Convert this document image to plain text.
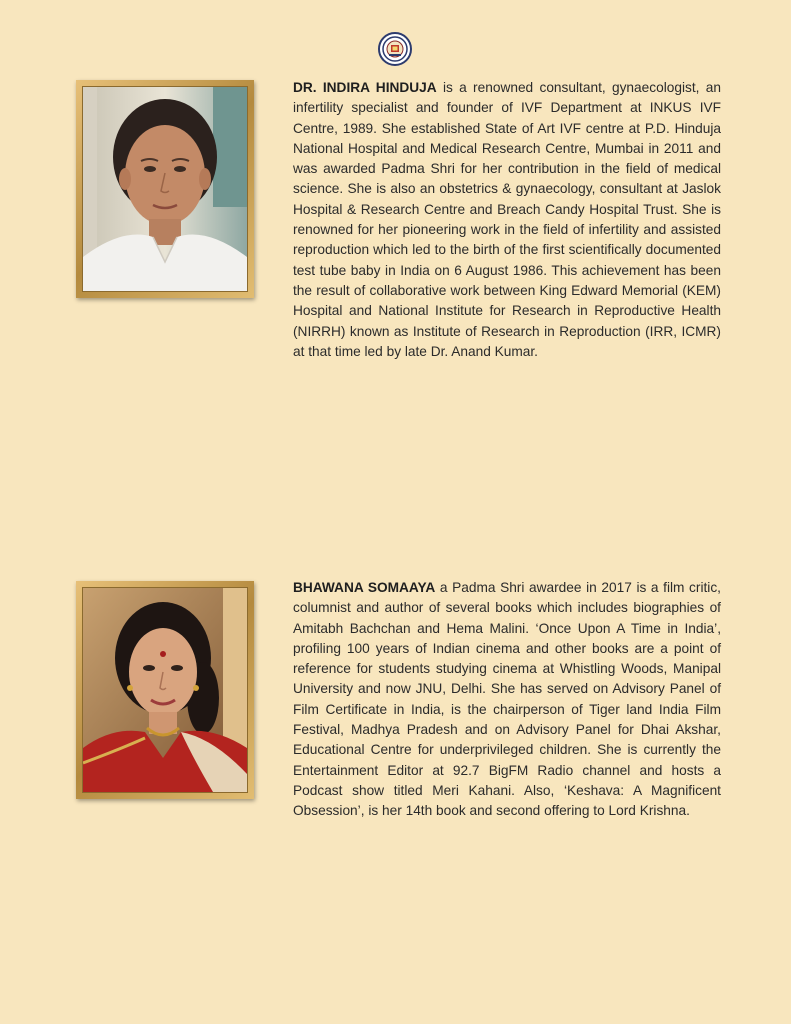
DR. INDIRA HINDUJA is a renowned consultant, gynaecologist, an infertility specialist and founder of IVF Department at INKUS IVF Centre, 1989. She established State of Art IVF centre at P.D. Hinduja National Hospital and Medical Research Centre, Mumbai in 2011 and was awarded Padma Shri for her contribution in the field of medical science. She is also an obstetrics & gynaecology, consultant at Jaslok Hospital & Research Centre and Breach Candy Hospital Trust. She is renowned for her pioneering work in the field of infertility and assisted reproduction which led to the birth of the first scientifically documented test tube baby in India on 6 August 1986. This achievement has been the result of collaborative work between King Edward Memorial (KEM) Hospital and National Institute for Research in Reproductive Health (NIRRH) known as Institute of Research in Reproduction (IRR, ICMR) at that time led by late Dr. Anand Kumar.

BHAWANA SOMAAYA a Padma Shri awardee in 2017 is a film critic, columnist and author of several books which includes biographies of Amitabh Bachchan and Hema Malini. ‘Once Upon A Time in India’, profiling 100 years of Indian cinema and other books are a point of reference for students studying cinema at Whistling Woods, Manipal University and now JNU, Delhi. She has served on Advisory Panel of Film Certificate in India, is the chairperson of Tiger land India Film Festival, Madhya Pradesh and on Advisory Panel for Dhai Akshar, Educational Centre for underprivileged children. She is currently the Entertainment Editor at 92.7 BigFM Radio channel and hosts a Podcast show titled Meri Kahani. Also, ‘Keshava: A Magnificent Obsession’, is her 14th book and second offering to Lord Krishna.
